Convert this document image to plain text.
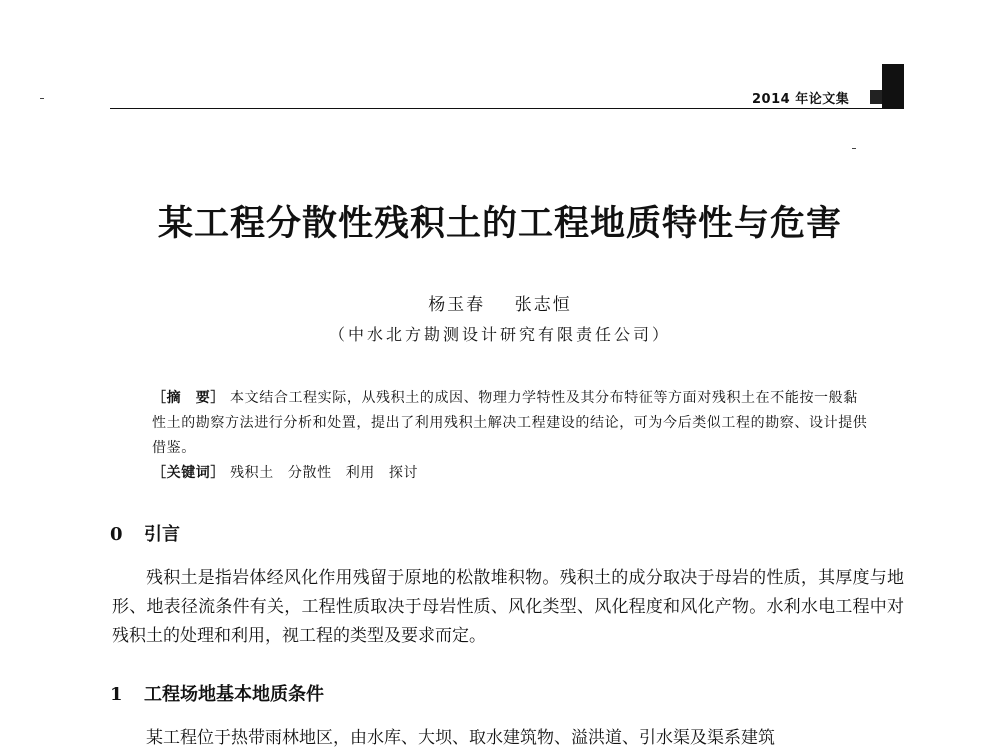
2014 年论文集
某工程分散性残积土的工程地质特性与危害
杨玉春    张志恒
（中水北方勘测设计研究有限责任公司）

［摘　要］ 本文结合工程实际，从残积土的成因、物理力学特性及其分布特征等方面对残积土在不能按一般黏性土的勘察方法进行分析和处置，提出了利用残积土解决工程建设的结论，可为今后类似工程的勘察、设计提供借鉴。

［关键词］ 残积土 分散性 利用 探讨

0 引言

残积土是指岩体经风化作用残留于原地的松散堆积物。残积土的成分取决于母岩的性质，其厚度与地形、地表径流条件有关，工程性质取决于母岩性质、风化类型、风化程度和风化产物。水利水电工程中对残积土的处理和利用，视工程的类型及要求而定。

1 工程场地基本地质条件

某工程位于热带雨林地区，由水库、大坝、取水建筑物、溢洪道、引水渠及渠系建筑
